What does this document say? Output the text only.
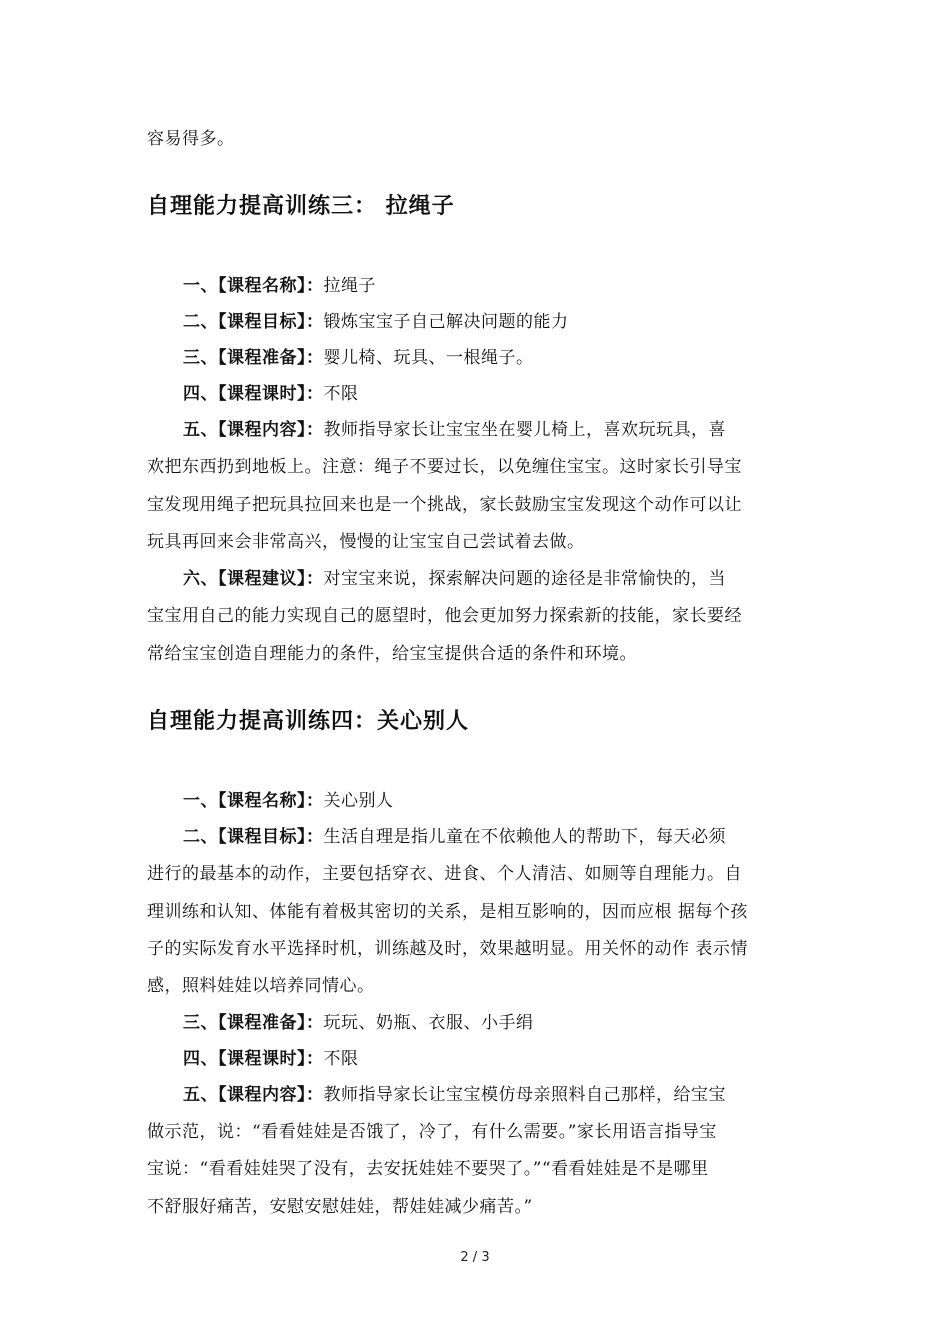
容易得多。
自理能力提高训练三： 拉绳子
一、【课程名称】：拉绳子
二、【课程目标】：锻炼宝宝子自己解决问题的能力
三、【课程准备】：婴儿椅、玩具、一根绳子。
四、【课程课时】：不限
五、【课程内容】：教师指导家长让宝宝坐在婴儿椅上，喜欢玩玩具，喜
欢把东西扔到地板上。注意：绳子不要过长，以免缠住宝宝。这时家长引导宝
宝发现用绳子把玩具拉回来也是一个挑战，家长鼓励宝宝发现这个动作可以让
玩具再回来会非常高兴，慢慢的让宝宝自己尝试着去做。
六、【课程建议】：对宝宝来说，探索解决问题的途径是非常愉快的，当
宝宝用自己的能力实现自己的愿望时，他会更加努力探索新的技能，家长要经
常给宝宝创造自理能力的条件，给宝宝提供合适的条件和环境。
自理能力提高训练四：关心别人
一、【课程名称】：关心别人
二、【课程目标】：生活自理是指儿童在不依赖他人的帮助下，每天必须
进行的最基本的动作，主要包括穿衣、进食、个人清洁、如厕等自理能力。自
理训练和认知、体能有着极其密切的关系，是相互影响的，因而应根 据每个孩
子的实际发育水平选择时机，训练越及时，效果越明显。用关怀的动作 表示情
感，照料娃娃以培养同情心。
三、【课程准备】：玩玩、奶瓶、衣服、小手绢
四、【课程课时】：不限
五、【课程内容】：教师指导家长让宝宝模仿母亲照料自己那样，给宝宝
做示范，说：“看看娃娃是否饿了，冷了，有什么需要。”家长用语言指导宝
宝说：“看看娃娃哭了没有，去安抚娃娃不要哭了。”“看看娃娃是不是哪里
不舒服好痛苦，安慰安慰娃娃，帮娃娃减少痛苦。”
2 / 3
